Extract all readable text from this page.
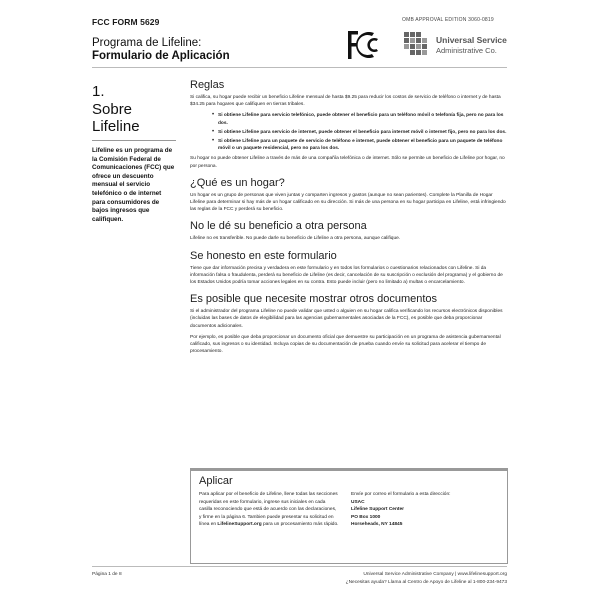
FCC FORM 5629	OMB APPROVAL EDITION 3060-0819
Programa de Lifeline:
Formulario de Aplicación
Universal Service
Administrative Co.
1.
Sobre Lifeline
Lifeline es un programa de la Comisión Federal de Comunicaciones (FCC) que ofrece un descuento mensual el servicio telefónico o de internet para consumidores de bajos ingresos que califiquen.
Reglas
Si califica, su hogar puede recibir un beneficio Lifeline mensual de hasta $9.25 para reducir los costos de servicio de teléfono o internet y de hasta $34.25 para hogares que califiquen en tierras tribales.
• Si obtiene Lifeline para servicio telefónico, puede obtener el beneficio para un teléfono móvil o telefonía fija, pero no para los dos.
• Si obtiene Lifeline para servicio de internet, puede obtener el beneficio para internet móvil o internet fijo, pero no para los dos.
• Si obtiene Lifeline para un paquete de servicio de teléfono e internet, puede obtener el beneficio para un paquete de teléfono móvil o un paquete residencial, pero no para los dos.
Su hogar no puede obtener Lifeline a través de más de una compañía telefónica o de internet. Sólo se permite un beneficio de Lifeline por hogar, no por persona.
¿Qué es un hogar?
Un hogar es un grupo de personas que viven juntas y comparten ingresos y gastos (aunque no sean parientes). Complete la Planilla de Hogar Lifeline para determinar si hay más de un hogar calificado en su dirección. Si más de una persona en su hogar participa en Lifeline, está infringiendo las reglas de la FCC y perderá su beneficio.
No le dé su beneficio a otra persona
Lifeline no es transferible. No puede darle su beneficio de Lifeline a otra persona, aunque califique.
Se honesto en este formulario
Tiene que dar información precisa y verdadera en este formulario y en todos los formularios o cuestionarios relacionados con Lifeline. Si da información falsa o fraudulenta, perderá su beneficio de Lifeline (es decir, cancelación de su suscripción o exclusión del programa) y el gobierno de los Estados Unidos podría tomar acciones legales en su contra. Esto puede incluir (pero no limitado a) multas o encarcelamiento.
Es posible que necesite mostrar otros documentos
Si el administrador del programa Lifeline no puede validar que usted o alguien en su hogar califica verificando los recursos electrónicos disponibles (incluidas las bases de datos de elegibilidad para las agencias gubernamentales asociadas de la FCC), es posible que deba proporcionar documentos adicionales.
Por ejemplo, es posible que deba proporcionar un documento oficial que demuestre su participación en un programa de asistencia gubernamental calificado, sus ingresos o su identidad. Incluya copias de su documentación de prueba cuando envíe su solicitud para acelerar el tiempo de procesamiento.
Aplicar
Para aplicar por el beneficio de Lifeline, llene todas las secciones requeridas en este formulario, ingrese sus iniciales en cada casilla reconociendo que está de acuerdo con las declaraciones, y firme en la página 6. Tambien puede presentar su solicitud en línea en LifelineSupport.org para un procesamiento más rápido.
Envíe por correo el formulario a esta dirección:
USAC
Lifeline Support Center
PO Box 1000
Horseheads, NY 14845
Página 1 de 8	Universal Service Administrative Company | www.lifelinesupport.org
¿Necesitas ayuda? Llama al Centro de Apoyo de Lifeline al 1-800-234-9473
